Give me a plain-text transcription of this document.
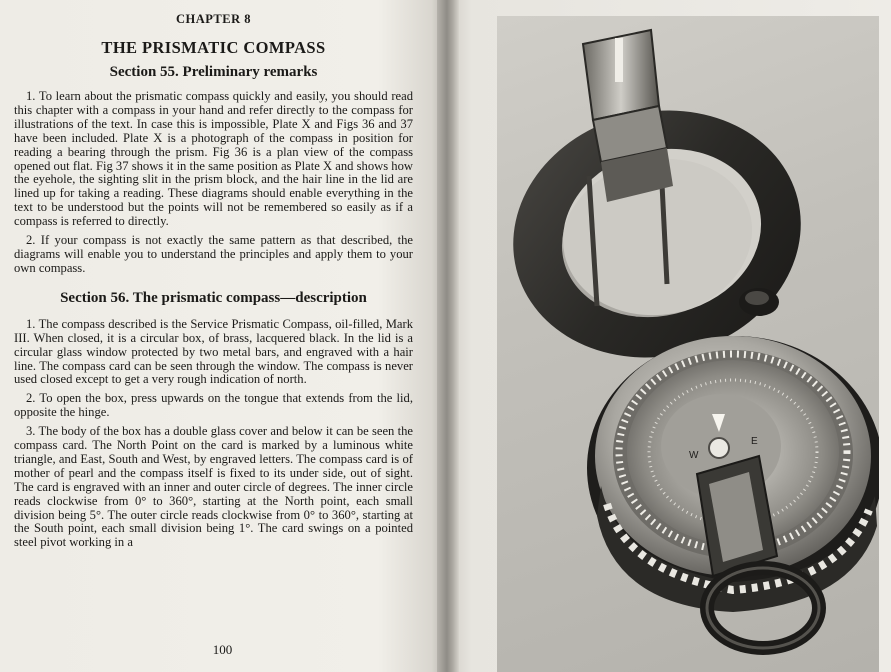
CHAPTER 8
THE PRISMATIC COMPASS
Section 55. Preliminary remarks

1. To learn about the prismatic compass quickly and easily, you should read this chapter with a compass in your hand and refer directly to the compass for illustrations of the text. In case this is impossible, Plate X and Figs 36 and 37 have been included. Plate X is a photograph of the compass in position for reading a bearing through the prism. Fig 36 is a plan view of the compass opened out flat. Fig 37 shows it in the same position as Plate X and shows how the eyehole, the sighting slit in the prism block, and the hair line in the lid are lined up for taking a reading. These diagrams should enable everything in the text to be understood but the points will not be remembered so easily as if a compass is referred to directly.

2. If your compass is not exactly the same pattern as that described, the diagrams will enable you to understand the principles and apply them to your own compass.

Section 56. The prismatic compass—description

1. The compass described is the Service Prismatic Compass, oil-filled, Mark III. When closed, it is a circular box, of brass, lacquered black. In the lid is a circular glass window protected by two metal bars, and engraved with a hair line. The compass card can be seen through the window. The compass is never used closed except to get a very rough indication of north.

2. To open the box, press upwards on the tongue that extends from the lid, opposite the hinge.

3. The body of the box has a double glass cover and below it can be seen the compass card. The North Point on the card is marked by a luminous white triangle, and East, South and West, by engraved letters. The compass card is of mother of pearl and the compass itself is fixed to its under side, out of sight. The card is engraved with an inner and outer circle of degrees. The inner circle reads clockwise from 0° to 360°, starting at the North point, each small division being 5°. The outer circle reads clockwise from 0° to 360°, starting at the South point, each small division being 1°. The card swings on a pointed steel pivot working in a

100
E
W
